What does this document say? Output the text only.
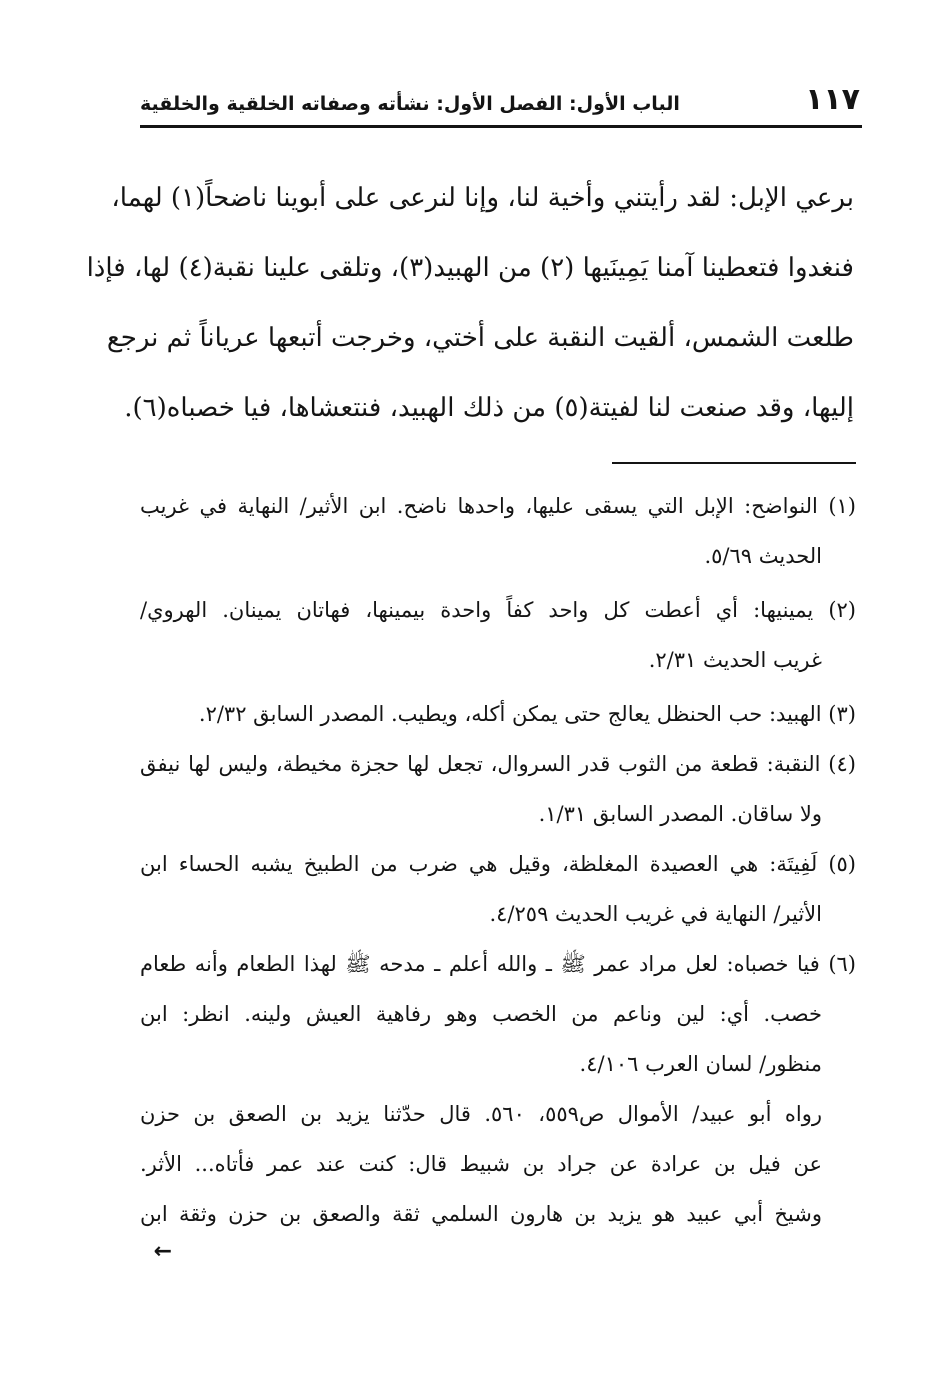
١١٧
الباب الأول: الفصل الأول: نشأته وصفاته الخلقية والخلقية
برعي الإبل: لقد رأيتني وأخية لنا، وإنا لنرعى على أبوينا ناضحاً(١) لهما،
فنغدوا فتعطينا آمنا يَمِينَيها (٢) من الهبيد(٣)، وتلقى علينا نقبة(٤) لها، فإذا
طلعت الشمس، ألقيت النقبة على أختي، وخرجت أتبعها عرياناً ثم نرجع
إليها، وقد صنعت لنا لفيتة(٥) من ذلك الهبيد، فنتعشاها، فيا خصباه(٦).
(١) النواضح: الإبل التي يسقى عليها، واحدها ناضح. ابن الأثير/ النهاية في غريب
الحديث ٥/٦٩.
(٢) يمينيها: أي أعطت كل واحد كفاً واحدة بيمينها، فهاتان يمينان. الهروي/
غريب الحديث ٢/٣١.
(٣) الهبيد: حب الحنظل يعالج حتى يمكن أكله، ويطيب. المصدر السابق ٢/٣٢.
(٤) النقبة: قطعة من الثوب قدر السروال، تجعل لها حجزة مخيطة، وليس لها نيفق
ولا ساقان. المصدر السابق ١/٣١.
(٥) لَفِيتَة: هي العصيدة المغلظة، وقيل هي ضرب من الطبيخ يشبه الحساء ابن
الأثير/ النهاية في غريب الحديث ٤/٢٥٩.
(٦) فيا خصباه: لعل مراد عمر ﷺ ـ والله أعلم ـ مدحه ﷺ لهذا الطعام وأنه طعام
خصب. أي: لين وناعم من الخصب وهو رفاهية العيش ولينه. انظر: ابن
منظور/ لسان العرب ٤/١٠٦.
رواه أبو عبيد/ الأموال ص٥٥٩، ٥٦٠. قال حدّثنا يزيد بن الصعق بن حزن
عن فيل بن عرادة عن جراد بن شبيط قال: كنت عند عمر فأتاه... الأثر.
وشيخ أبي عبيد هو يزيد بن هارون السلمي ثقة والصعق بن حزن وثقة ابن
←
